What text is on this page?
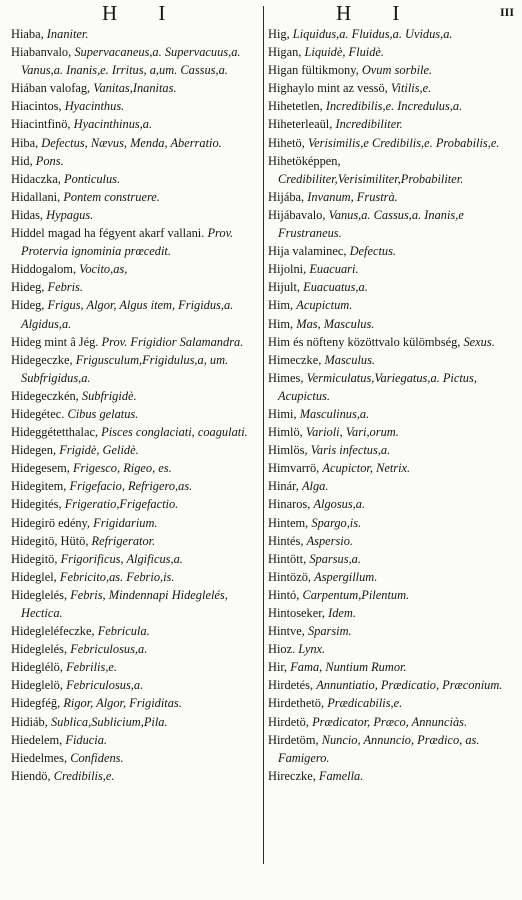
H I	H I	III
Hiaba, Inaniter.
Hiabanvalo, Supervacaneus,a. Supervacuus,a. Vanus,a. Inanis,e. Irritus, a,um. Cassus,a.
Hiában valofag, Vanitas,Inanitas.
Hiacintos, Hyacinthus.
Hiacintfinö, Hyacinthinus,a.
Hiba, Defectus, Nævus, Menda, Aberratio.
Hid, Pons.
Hidaczka, Ponticulus.
Hidallani, Pontem construere.
Hidas, Hypagus.
Hiddel magad ha fégyent akarf vallani. Prov. Protervia ignominia prœcedit.
Hiddogalom, Vocito,as,
Hideg, Febris.
Hideg, Frigus, Algor, Algus item, Frigidus,a. Algidus,a.
Hideg mint â Jég. Prov. Frigidior Salamandra.
Hidegeczke, Frigusculum,Frigidulus,a, um. Subfrigidus,a.
Hidegeczkén, Subfrigidè.
Hidegétec. Cibus gelatus.
Hideggétetthalac, Pisces conglaciati, coagulati.
Hidegen, Frigidè, Gelidè.
Hidegesem, Frigesco, Rigeo, es.
Hidegitem, Frigefacio, Refrigero,as.
Hidegités, Frigeratio,Frigefactio.
Hidegirö edény, Frigidarium.
Hidegitö, Hütö, Refrigerator.
Hidegitö, Frigorificus, Algificus,a.
Hideglel, Febricito,as. Febrio,is.
Hideglelés, Febris, Mindennapi Hideglelés, Hectica.
Hidegleléfeczke, Febricula.
Hideglelés, Febriculosus,a.
Hideglélö, Febrilis,e.
Hideglelö, Febriculosus,a.
Hidegféḡ, Rigor, Algor, Frigiditas.
Hidiáb, Sublica,Sublicium,Pila.
Hiedelem, Fiducia.
Hiedelmes, Confidens.
Hiendö, Credibilis,e.
Hig, Liquidus,a. Fluidus,a. Uvidus,a.
Higan, Liquidè, Fluidè.
Higan fültikmony, Ovum sorbile.
Highaylo mint az vessö, Vitilis,e.
Hihetetlen, Incredibilis,e. Incredulus,a.
Hiheterleaül, Incredibiliter.
Hihetö, Verisimilis,e Credibilis,e. Probabilis,e.
Hihetöképpen, Credibiliter,Verisimiliter,Probabiliter.
Hijába, Invanum, Frustrà.
Hijábavalo, Vanus,a. Cassus,a. Inanis,e Frustraneus.
Hija valaminec, Defectus.
Hijolni, Euacuari.
Hijult, Euacuatus,a.
Him, Acupictum.
Him, Mas, Masculus.
Him és nöfteny közöttvalo külömbség, Sexus.
Himeczke, Masculus.
Himes, Vermiculatus,Variegatus,a. Pictus, Acupictus.
Himi, Masculinus,a.
Himlö, Varioli, Vari,orum.
Himlös, Varis infectus,a.
Himvarrö, Acupictor, Netrix.
Hinár, Alga.
Hinaros, Algosus,a.
Hintem, Spargo,is.
Hintés, Aspersio.
Hintött, Sparsus,a.
Hintözö, Aspergillum.
Hintó, Carpentum,Pilentum.
Hintoseker, Idem.
Hintve, Sparsim.
Hioz. Lynx.
Hir, Fama, Nuntium Rumor.
Hirdetés, Annuntiatio, Prædicatio, Præconium.
Hirdethetö, Prædicabilis,e.
Hirdetö, Prædicator, Præco, Annunciàs.
Hirdetöm, Nuncio, Annuncio, Prædico, as. Famigero.
Hireczke, Famella.
